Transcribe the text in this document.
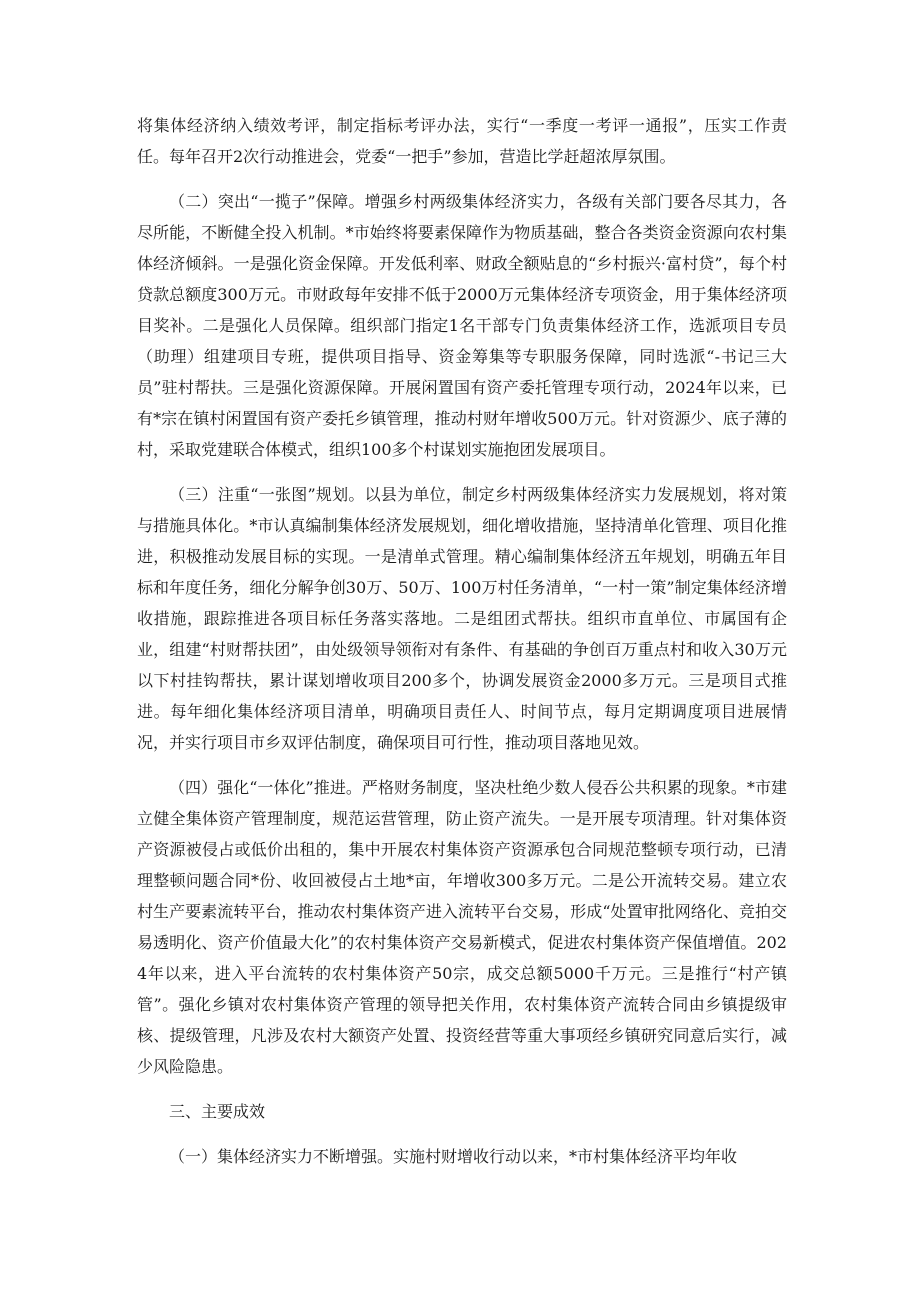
将集体经济纳入绩效考评，制定指标考评办法，实行“一季度一考评一通报”，压实工作责任。每年召开2次行动推进会，党委“一把手”参加，营造比学赶超浓厚氛围。

（二）突出“一揽子”保障。增强乡村两级集体经济实力，各级有关部门要各尽其力，各尽所能，不断健全投入机制。*市始终将要素保障作为物质基础，整合各类资金资源向农村集体经济倾斜。一是强化资金保障。开发低利率、财政全额贴息的“乡村振兴·富村贷”，每个村贷款总额度300万元。市财政每年安排不低于2000万元集体经济专项资金，用于集体经济项目奖补。二是强化人员保障。组织部门指定1名干部专门负责集体经济工作，选派项目专员（助理）组建项目专班，提供项目指导、资金筹集等专职服务保障，同时选派“-书记三大员”驻村帮扶。三是强化资源保障。开展闲置国有资产委托管理专项行动，2024年以来，已有*宗在镇村闲置国有资产委托乡镇管理，推动村财年增收500万元。针对资源少、底子薄的村，采取党建联合体模式，组织100多个村谋划实施抱团发展项目。

（三）注重“一张图”规划。以县为单位，制定乡村两级集体经济实力发展规划，将对策与措施具体化。*市认真编制集体经济发展规划，细化增收措施，坚持清单化管理、项目化推进，积极推动发展目标的实现。一是清单式管理。精心编制集体经济五年规划，明确五年目标和年度任务，细化分解争创30万、50万、100万村任务清单，“一村一策”制定集体经济增收措施，跟踪推进各项目标任务落实落地。二是组团式帮扶。组织市直单位、市属国有企业，组建“村财帮扶团”，由处级领导领衔对有条件、有基础的争创百万重点村和收入30万元以下村挂钩帮扶，累计谋划增收项目200多个，协调发展资金2000多万元。三是项目式推进。每年细化集体经济项目清单，明确项目责任人、时间节点，每月定期调度项目进展情况，并实行项目市乡双评估制度，确保项目可行性，推动项目落地见效。

（四）强化“一体化”推进。严格财务制度，坚决杜绝少数人侵吞公共积累的现象。*市建立健全集体资产管理制度，规范运营管理，防止资产流失。一是开展专项清理。针对集体资产资源被侵占或低价出租的，集中开展农村集体资产资源承包合同规范整顿专项行动，已清理整顿问题合同*份、收回被侵占土地*亩，年增收300多万元。二是公开流转交易。建立农村生产要素流转平台，推动农村集体资产进入流转平台交易，形成“处置审批网络化、竞拍交易透明化、资产价值最大化”的农村集体资产交易新模式，促进农村集体资产保值增值。2024年以来，进入平台流转的农村集体资产50宗，成交总额5000千万元。三是推行“村产镇管”。强化乡镇对农村集体资产管理的领导把关作用，农村集体资产流转合同由乡镇提级审核、提级管理，凡涉及农村大额资产处置、投资经营等重大事项经乡镇研究同意后实行，减少风险隐患。

三、主要成效

（一）集体经济实力不断增强。实施村财增收行动以来，*市村集体经济平均年收
